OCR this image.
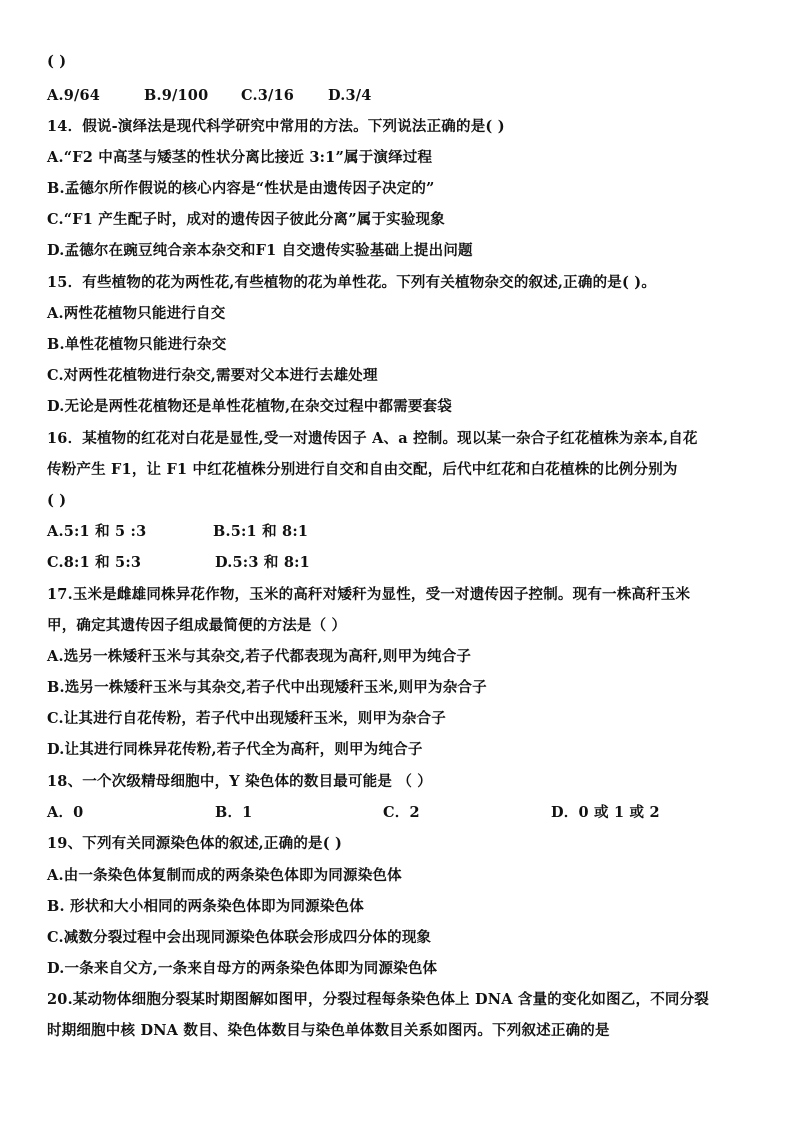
( )
A.9/64	B.9/100	C.3/16	D.3/4
14．假说-演绎法是现代科学研究中常用的方法。下列说法正确的是( )
A.“F2 中高茎与矮茎的性状分离比接近 3:1”属于演绎过程
B.孟德尔所作假说的核心内容是“性状是由遗传因子决定的”
C.“F1 产生配子时，成对的遗传因子彼此分离”属于实验现象
D.孟德尔在豌豆纯合亲本杂交和F1 自交遗传实验基础上提出问题
15．有些植物的花为两性花,有些植物的花为单性花。下列有关植物杂交的叙述,正确的是( )。
A.两性花植物只能进行自交
B.单性花植物只能进行杂交
C.对两性花植物进行杂交,需要对父本进行去雄处理
D.无论是两性花植物还是单性花植物,在杂交过程中都需要套袋
16．某植物的红花对白花是显性,受一对遗传因子 A、a 控制。现以某一杂合子红花植株为亲本,自花
传粉产生 F1，让 F1 中红花植株分别进行自交和自由交配，后代中红花和白花植株的比例分别为
( )
A.5:1 和 5 :3	B.5:1 和 8:1
C.8:1 和 5:3	D.5:3 和 8:1
17.玉米是雌雄同株异花作物，玉米的高秆对矮秆为显性，受一对遗传因子控制。现有一株高秆玉米
甲，确定其遗传因子组成最简便的方法是（ ）
A.选另一株矮秆玉米与其杂交,若子代都表现为高秆,则甲为纯合子
B.选另一株矮秆玉米与其杂交,若子代中出现矮秆玉米,则甲为杂合子
C.让其进行自花传粉，若子代中出现矮秆玉米，则甲为杂合子
D.让其进行同株异花传粉,若子代全为高秆，则甲为纯合子
18、一个次级精母细胞中，Y 染色体的数目最可能是 （ ）
A．0	B．1	C．2	D．0 或 1 或 2
19、下列有关同源染色体的叙述,正确的是( )
A.由一条染色体复制而成的两条染色体即为同源染色体
B. 形状和大小相同的两条染色体即为同源染色体
C.减数分裂过程中会出现同源染色体联会形成四分体的现象
D.一条来自父方,一条来自母方的两条染色体即为同源染色体
20.某动物体细胞分裂某时期图解如图甲，分裂过程每条染色体上 DNA 含量的变化如图乙，不同分裂
时期细胞中核 DNA 数目、染色体数目与染色单体数目关系如图丙。下列叙述正确的是
